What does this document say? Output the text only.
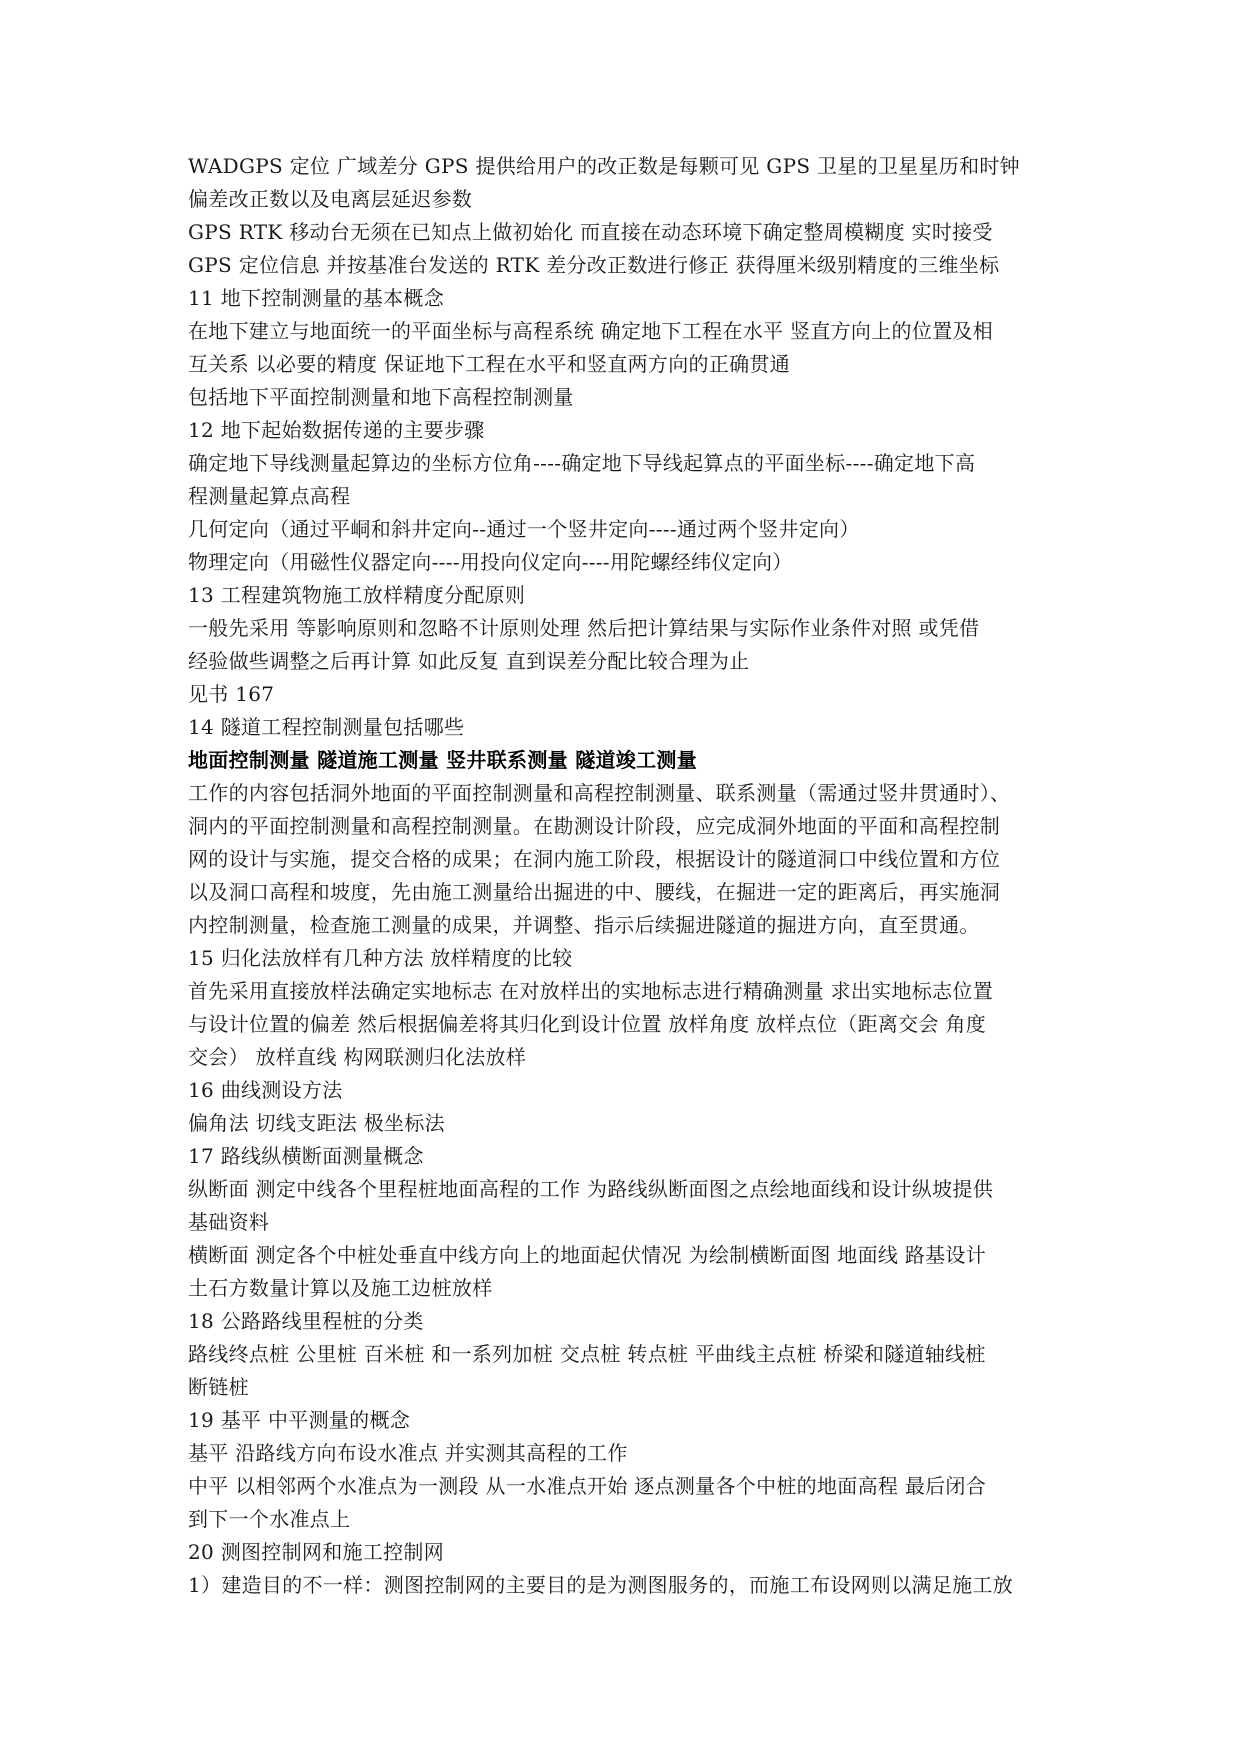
WADGPS 定位 广域差分 GPS 提供给用户的改正数是每颗可见 GPS 卫星的卫星星历和时钟
偏差改正数以及电离层延迟参数
GPS RTK 移动台无须在已知点上做初始化 而直接在动态环境下确定整周模糊度 实时接受
GPS 定位信息 并按基准台发送的 RTK 差分改正数进行修正 获得厘米级别精度的三维坐标
11 地下控制测量的基本概念
在地下建立与地面统一的平面坐标与高程系统 确定地下工程在水平 竖直方向上的位置及相
互关系 以必要的精度 保证地下工程在水平和竖直两方向的正确贯通
包括地下平面控制测量和地下高程控制测量
12 地下起始数据传递的主要步骤
确定地下导线测量起算边的坐标方位角----确定地下导线起算点的平面坐标----确定地下高
程测量起算点高程
几何定向（通过平峒和斜井定向--通过一个竖井定向----通过两个竖井定向）
物理定向（用磁性仪器定向----用投向仪定向----用陀螺经纬仪定向）
13 工程建筑物施工放样精度分配原则
一般先采用 等影响原则和忽略不计原则处理 然后把计算结果与实际作业条件对照 或凭借
经验做些调整之后再计算 如此反复 直到误差分配比较合理为止
见书 167
14 隧道工程控制测量包括哪些
地面控制测量 隧道施工测量 竖井联系测量 隧道竣工测量
工作的内容包括洞外地面的平面控制测量和高程控制测量、联系测量（需通过竖井贯通时）、
洞内的平面控制测量和高程控制测量。在勘测设计阶段，应完成洞外地面的平面和高程控制
网的设计与实施，提交合格的成果；在洞内施工阶段，根据设计的隧道洞口中线位置和方位
以及洞口高程和坡度，先由施工测量给出掘进的中、腰线，在掘进一定的距离后，再实施洞
内控制测量，检查施工测量的成果，并调整、指示后续掘进隧道的掘进方向，直至贯通。
15 归化法放样有几种方法 放样精度的比较
首先采用直接放样法确定实地标志 在对放样出的实地标志进行精确测量 求出实地标志位置
与设计位置的偏差 然后根据偏差将其归化到设计位置 放样角度 放样点位（距离交会 角度
交会） 放样直线 构网联测归化法放样
16 曲线测设方法
偏角法 切线支距法 极坐标法
17 路线纵横断面测量概念
纵断面 测定中线各个里程桩地面高程的工作 为路线纵断面图之点绘地面线和设计纵坡提供
基础资料
横断面 测定各个中桩处垂直中线方向上的地面起伏情况 为绘制横断面图 地面线 路基设计
土石方数量计算以及施工边桩放样
18 公路路线里程桩的分类
路线终点桩 公里桩 百米桩 和一系列加桩 交点桩 转点桩 平曲线主点桩 桥梁和隧道轴线桩
断链桩
19 基平 中平测量的概念
基平 沿路线方向布设水准点 并实测其高程的工作
中平 以相邻两个水准点为一测段 从一水准点开始 逐点测量各个中桩的地面高程 最后闭合
到下一个水准点上
20 测图控制网和施工控制网
1）建造目的不一样：测图控制网的主要目的是为测图服务的，而施工布设网则以满足施工放
